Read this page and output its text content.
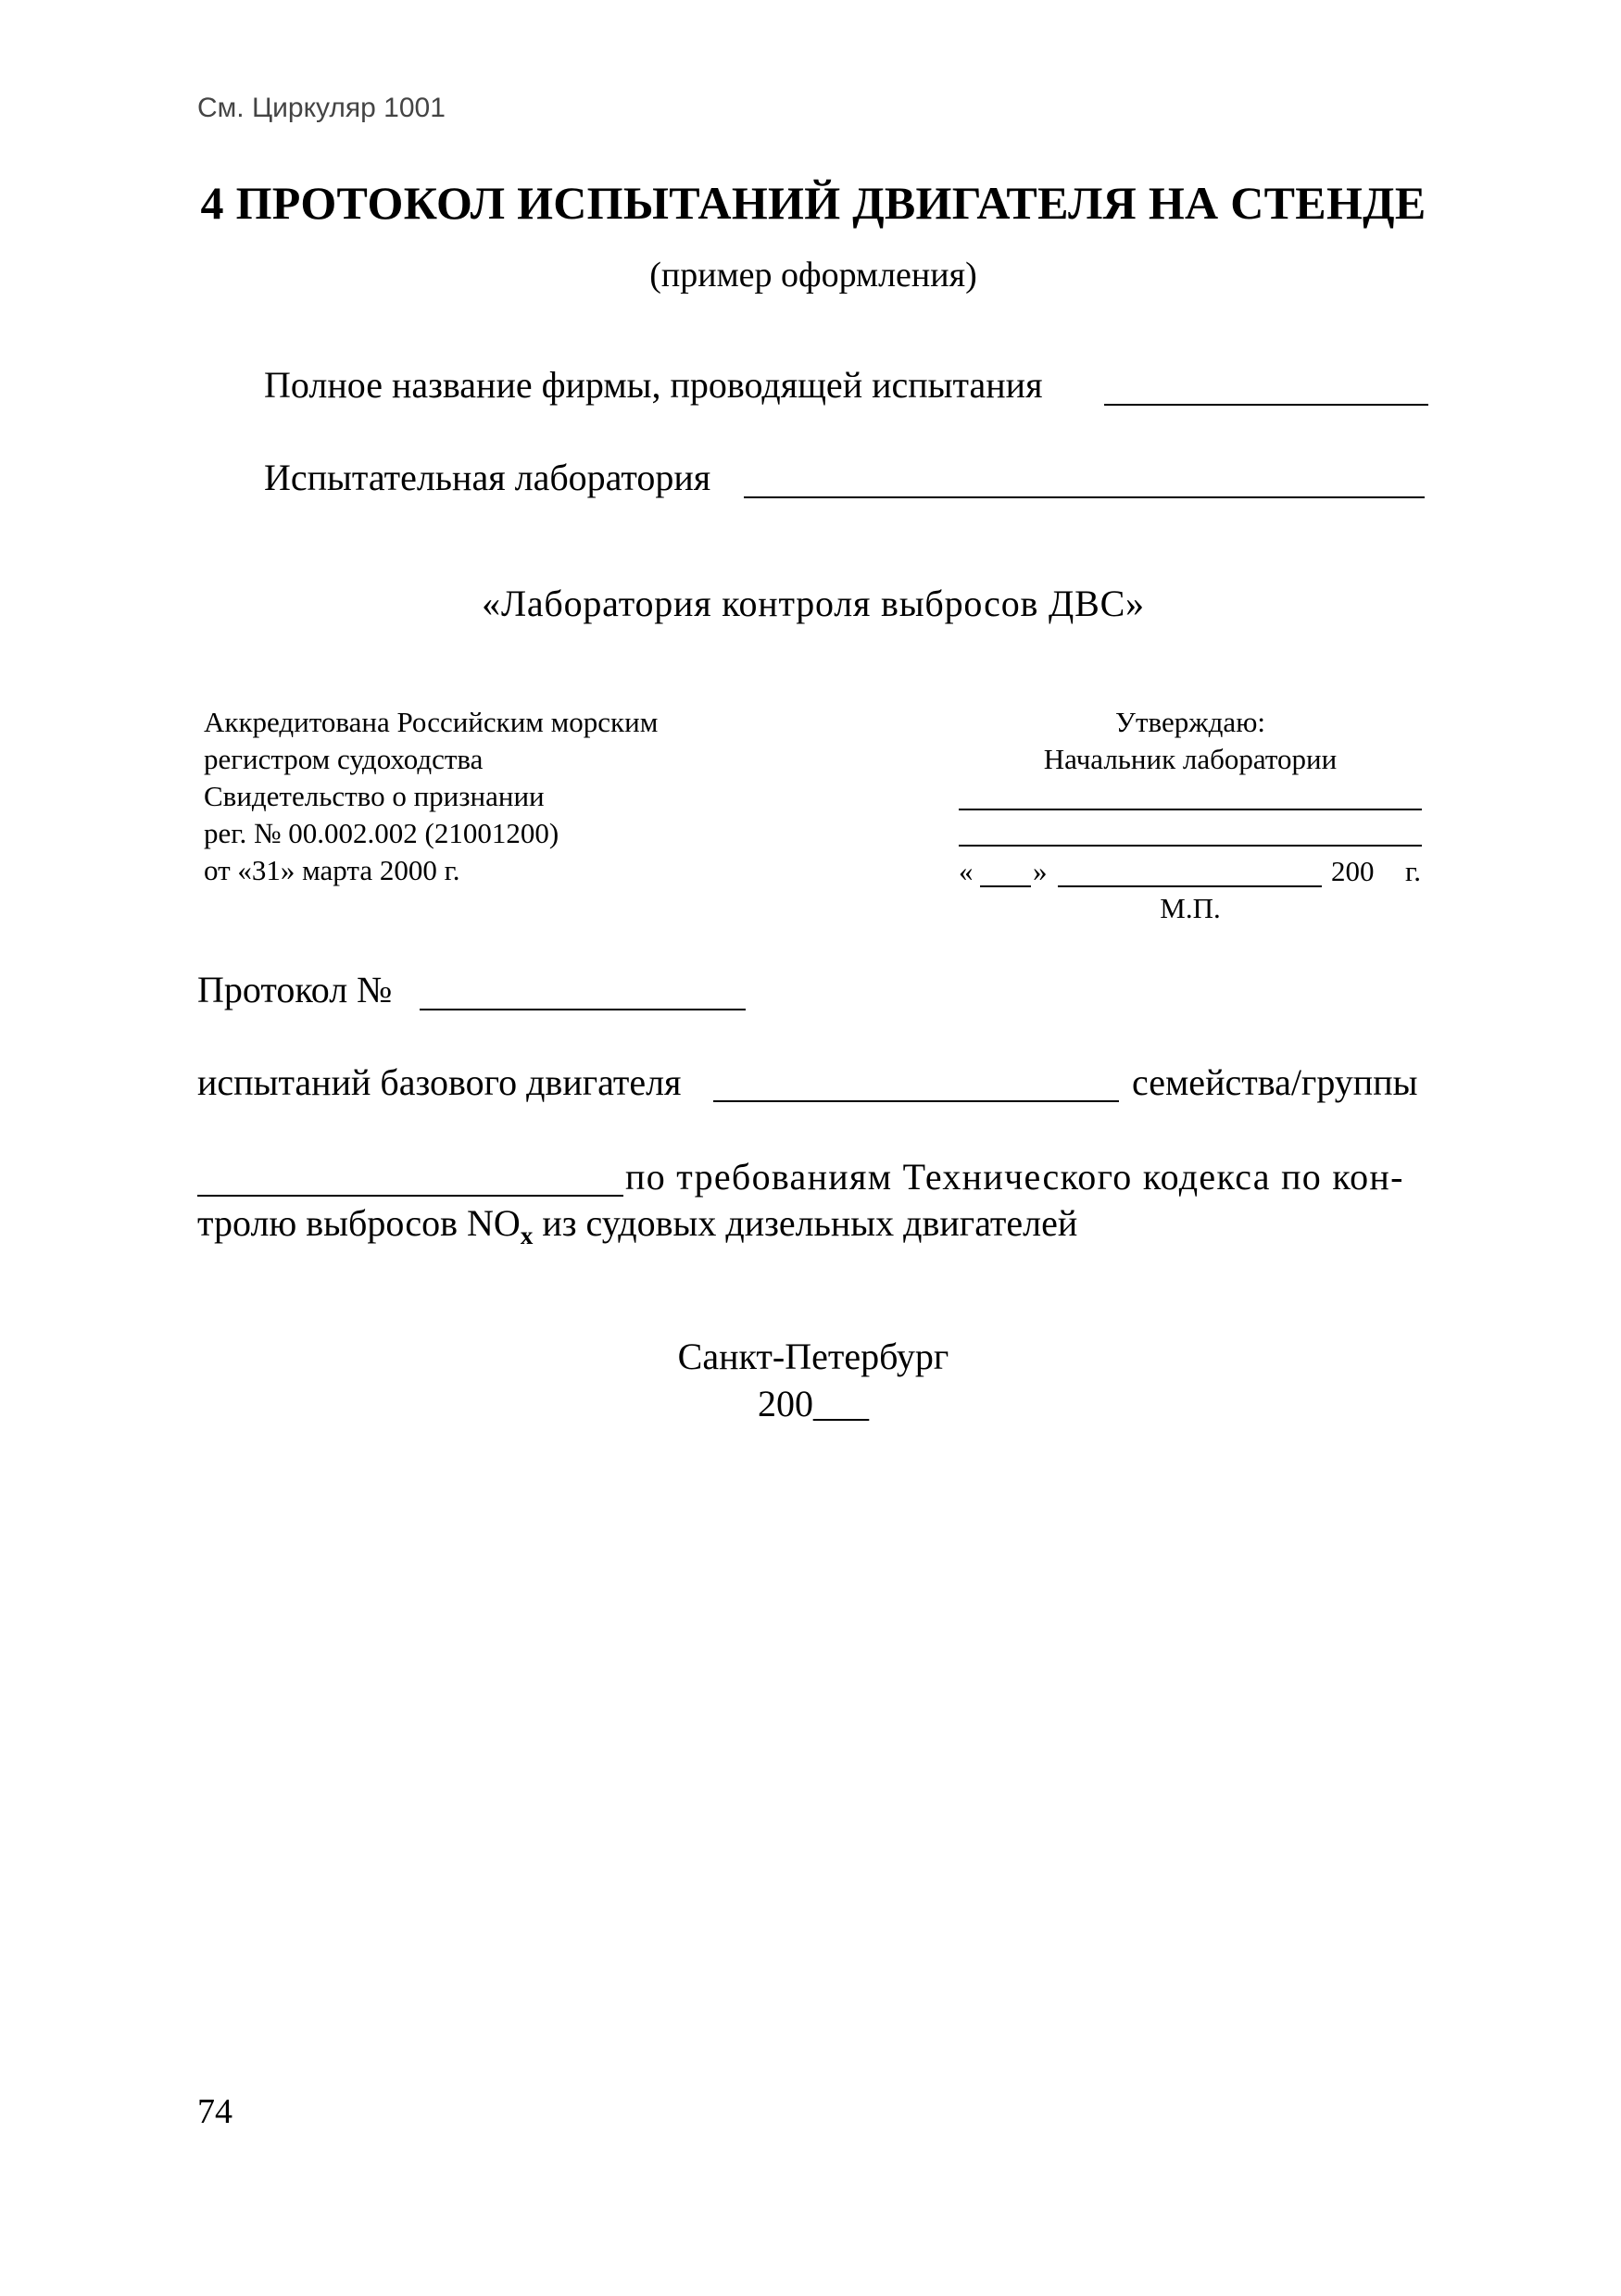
См. Циркуляр 1001
4 ПРОТОКОЛ ИСПЫТАНИЙ ДВИГАТЕЛЯ НА СТЕНДЕ
(пример оформления)
Полное название фирмы, проводящей испытания
Испытательная лаборатория
«Лаборатория контроля выбросов ДВС»
Аккредитована Российским морским
регистром судоходства
Свидетельство о признании
рег. № 00.002.002 (21001200)
от «31» марта 2000 г.
Утверждаю:
Начальник лаборатории
« »	200 г.
М.П.
Протокол №
испытаний базового двигателя	семейства/группы
по требованиям Технического кодекса по кон-
тролю выбросов $NO_x$ из судовых дизельных двигателей
Санкт-Петербург
200___
74
